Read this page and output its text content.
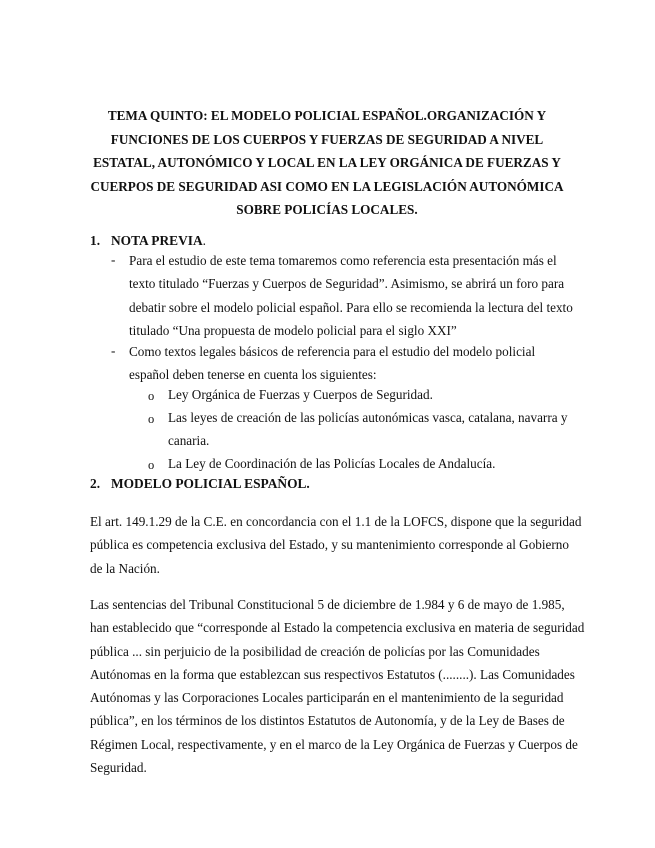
TEMA QUINTO: EL MODELO POLICIAL ESPAÑOL.ORGANIZACIÓN Y
FUNCIONES DE LOS CUERPOS Y FUERZAS DE SEGURIDAD A NIVEL
ESTATAL, AUTONÓMICO Y LOCAL EN LA LEY ORGÁNICA DE FUERZAS Y
CUERPOS DE SEGURIDAD ASI COMO EN LA LEGISLACIÓN AUTONÓMICA
SOBRE POLICÍAS LOCALES.
1. NOTA PREVIA.
- Para el estudio de este tema tomaremos como referencia esta presentación más el
texto titulado “Fuerzas y Cuerpos de Seguridad”. Asimismo, se abrirá un foro para
debatir sobre el modelo policial español. Para ello se recomienda la lectura del texto
titulado “Una propuesta de modelo policial para el siglo XXI”
- Como textos legales básicos de referencia para el estudio del modelo policial
español deben tenerse en cuenta los siguientes:
o Ley Orgánica de Fuerzas y Cuerpos de Seguridad.
o Las leyes de creación de las policías autonómicas vasca, catalana, navarra y
canaria.
o La Ley de Coordinación de las Policías Locales de Andalucía.
2. MODELO POLICIAL ESPAÑOL.
El art. 149.1.29 de la C.E. en concordancia con el 1.1 de la LOFCS, dispone que la seguridad
pública es competencia exclusiva del Estado, y su mantenimiento corresponde al Gobierno
de la Nación.
Las sentencias del Tribunal Constitucional 5 de diciembre de 1.984 y 6 de mayo de 1.985,
han establecido que “corresponde al Estado la competencia exclusiva en materia de seguridad
pública ... sin perjuicio de la posibilidad de creación de policías por las Comunidades
Autónomas en la forma que establezcan sus respectivos Estatutos (........). Las Comunidades
Autónomas y las Corporaciones Locales participarán en el mantenimiento de la seguridad
pública”, en los términos de los distintos Estatutos de Autonomía, y de la Ley de Bases de
Régimen Local, respectivamente, y en el marco de la Ley Orgánica de Fuerzas y Cuerpos de
Seguridad.
